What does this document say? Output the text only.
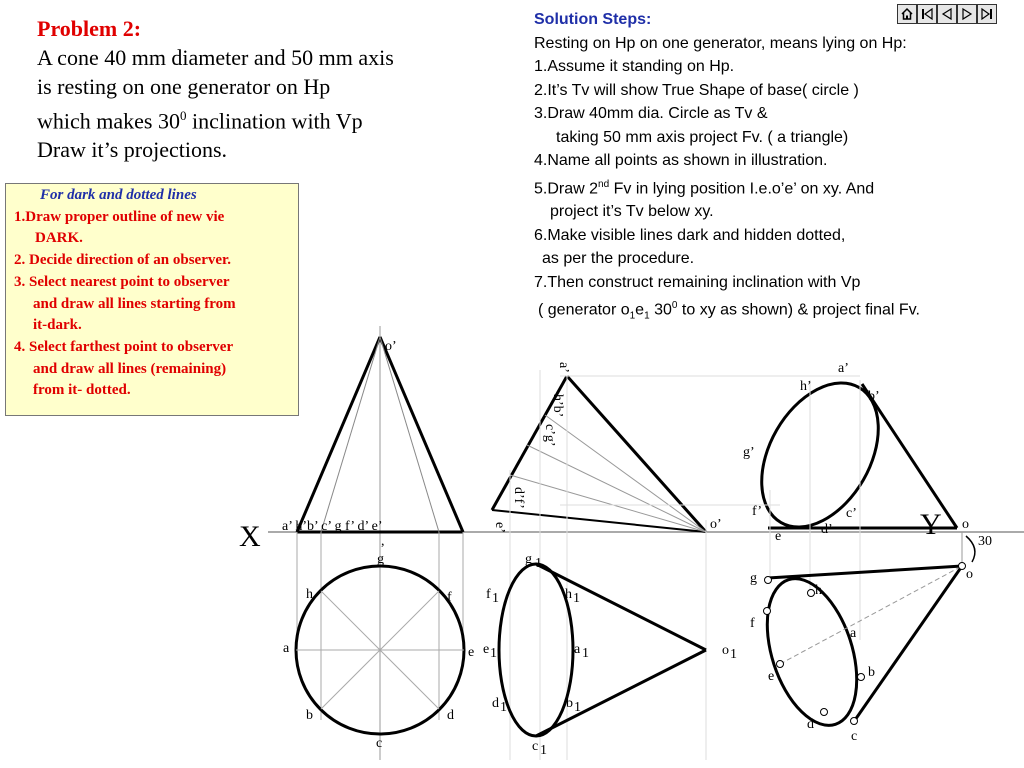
Problem 2:
A cone 40 mm diameter and 50 mm axis
is resting on one generator on Hp
which makes $30^0$ inclination with Vp
Draw it’s projections.
For dark and dotted lines
1.Draw proper outline of new vie
DARK.
2. Decide direction of an observer.
3. Select nearest point to observer
and draw all lines starting from
it-dark.
4. Select farthest point to observer
and draw all lines (remaining)
from it- dotted.
Solution Steps:
Resting on Hp on one generator, means lying on Hp:
1.Assume it standing on Hp.
2.It’s Tv will show True Shape of base( circle )
3.Draw 40mm dia. Circle as Tv &
taking 50 mm axis project Fv. ( a triangle)
4.Name all points as shown in illustration.
5.Draw 2nd Fv in lying position I.e.o’e’ on xy. And
project it’s Tv below xy.
6.Make visible lines dark and hidden dotted,
as per the procedure.
7.Then construct remaining inclination with Vp
( generator $o_1e_1$ $30^0$ to xy as shown) & project final Fv.
X	Y
o’
a’ h’b’ c’ g f’ d’ e’
,
g
h	f
a	e
b	d
c
a’
h’b’
c’g’
d’f’
e’	o’
g 1
f 1	h 1
e 1	a 1
d 1	b 1
c 1
o 1
a’
h’
b’
g’
f’	c’
e	d’	o
g
h
f
a
e	b
d
c
o
30
